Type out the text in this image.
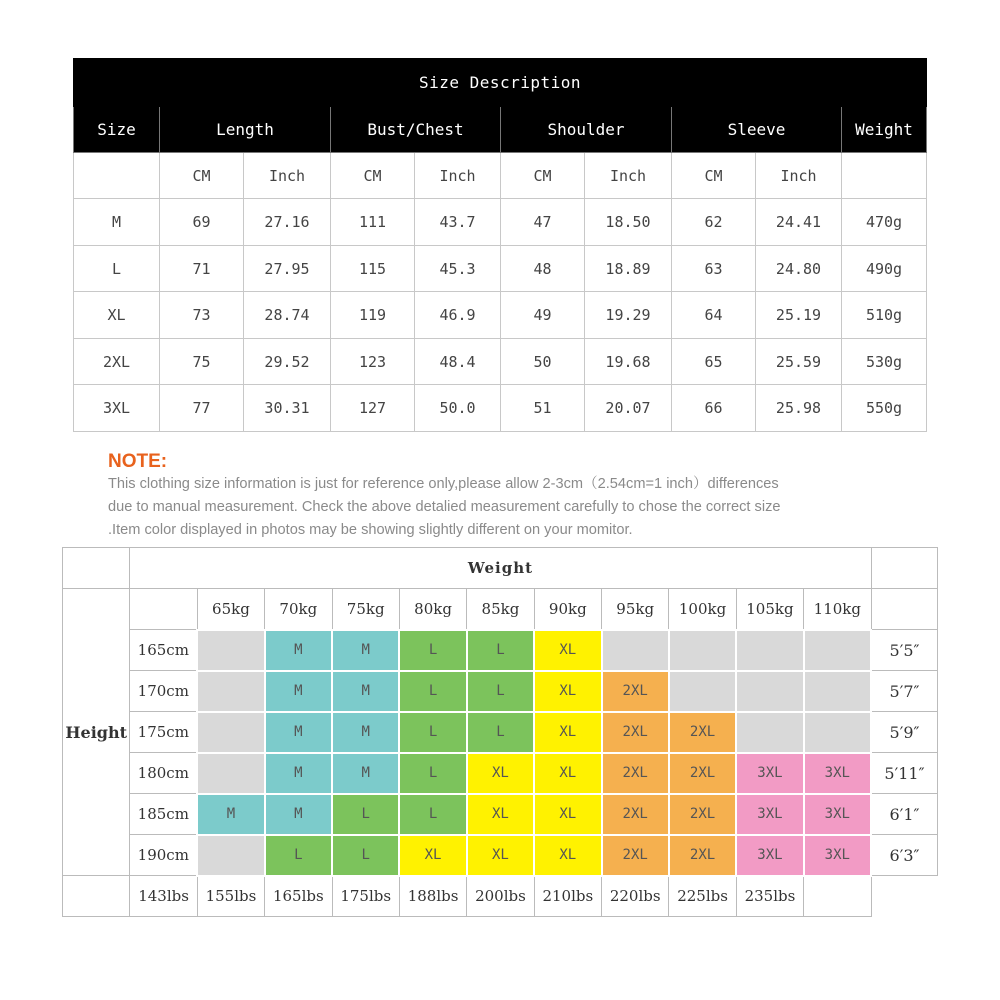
Size Description									
Size	Length		Bust/Chest		Shoulder		Sleeve		Weight
	CM	Inch	CM	Inch	CM	Inch	CM	Inch	
M	69	27.16	111	43.7	47	18.50	62	24.41	470g
L	71	27.95	115	45.3	48	18.89	63	24.80	490g
XL	73	28.74	119	46.9	49	19.29	64	25.19	510g
2XL	75	29.52	123	48.4	50	19.68	65	25.59	530g
3XL	77	30.31	127	50.0	51	20.07	66	25.98	550g
NOTE:
This clothing size information is just for reference only,please allow 2-3cm（2.54cm=1 inch）differences
due to manual measurement. Check the above detalied measurement carefully to chose the correct size
.Item color displayed in photos may be showing slightly different on your momitor.
	Weight											
Height		65kg	70kg	75kg	80kg	85kg	90kg	95kg	100kg	105kg	110kg	
	165cm		M	M	L	L	XL					5′5″
	170cm		M	M	L	L	XL	2XL				5′7″
	175cm		M	M	L	L	XL	2XL	2XL			5′9″
	180cm		M	M	L	XL	XL	2XL	2XL	3XL	3XL	5′11″
	185cm	M	M	L	L	XL	XL	2XL	2XL	3XL	3XL	6′1″
	190cm		L	L	XL	XL	XL	2XL	2XL	3XL	3XL	6′3″
	143lbs	155lbs	165lbs	175lbs	188lbs	200lbs	210lbs	220lbs	225lbs	235lbs		
